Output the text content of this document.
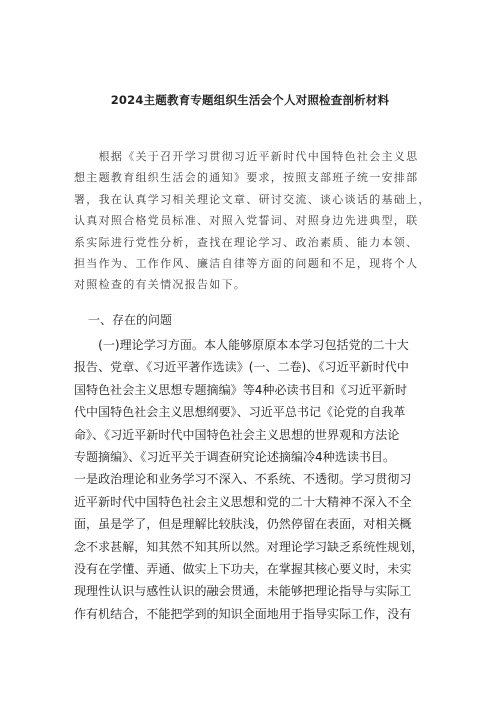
2024主题教育专题组织生活会个人对照检查剖析材料
　　根据《关于召开学习贯彻习近平新时代中国特色社会主义思
想主题教育组织生活会的通知》要求，按照支部班子统一安排部
署，我在认真学习相关理论文章、研讨交流、谈心谈话的基础上，
认真对照合格党员标准、对照入党誓词、对照身边先进典型，联
系实际进行党性分析，查找在理论学习、政治素质、能力本领、
担当作为、工作作风、廉洁自律等方面的问题和不足，现将个人
对照检查的有关情况报告如下。
一、存在的问题
　　(一)理论学习方面。本人能够原原本本学习包括党的二十大
报告、党章、《习近平著作选读》(一、二卷)、《习近平新时代中
国特色社会主义思想专题摘编》等4种必读书目和《习近平新时
代中国特色社会主义思想纲要》、习近平总书记《论党的自我革
命》、《习近平新时代中国特色社会主义思想的世界观和方法论
专题摘编》、《习近平关于调查研究论述摘编冷4种选读书目。
一是政治理论和业务学习不深入、不系统、不透彻。学习贯彻习
近平新时代中国特色社会主义思想和党的二十大精神不深入不全
面，虽是学了，但是理解比较肤浅，仍然停留在表面，对相关概
念不求甚解，知其然不知其所以然。对理论学习缺乏系统性规划，
没有在学懂、弄通、做实上下功夫，在掌握其核心要义时，未实
现理性认识与感性认识的融会贯通，未能够把理论指导与实际工
作有机结合，不能把学到的知识全面地用于指导实际工作，没有
